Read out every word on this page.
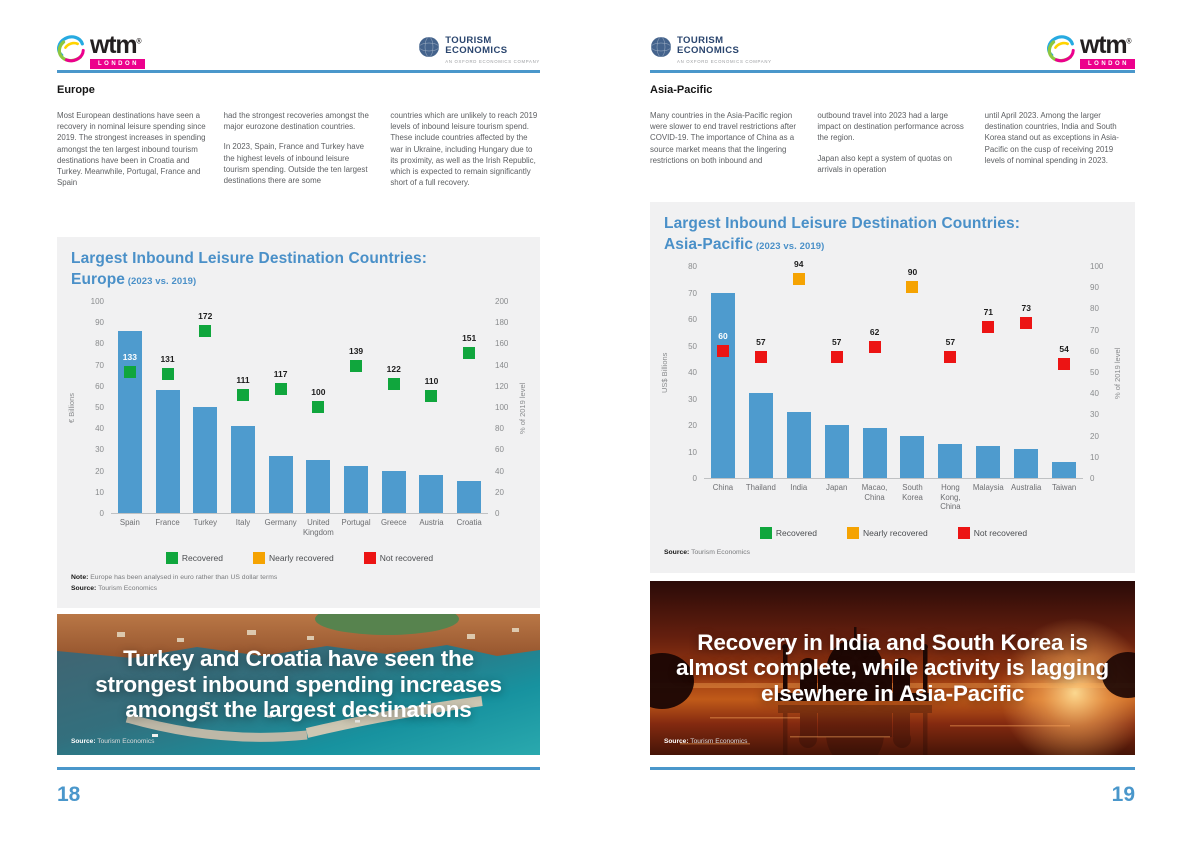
wtm®
LONDON
TOURISM
ECONOMICS
AN OXFORD ECONOMICS COMPANY
Europe

Most European destinations have seen a recovery in nominal leisure spending since 2019. The strongest increases in spending amongst the ten largest inbound tourism destinations have been in Croatia and Turkey. Meanwhile, Portugal, France and Spain

had the strongest recoveries amongst the major eurozone destination countries.

In 2023, Spain, France and Turkey have the highest levels of inbound leisure tourism spending. Outside the ten largest destinations there are some

countries which are unlikely to reach 2019 levels of inbound leisure tourism spend. These include countries affected by the war in Ukraine, including Hungary due to its proximity, as well as the Irish Republic, which is expected to remain significantly short of a full recovery.

Largest Inbound Leisure Destination Countries:
Europe (2023 vs. 2019)
€ Billions
100
90
80
70
60
50
40
30
20
10
0
133	131
172
111
117
100
139
122
110
151
200
180
160
140
120
100
80
60
40
20
0
% of 2019 level
Spain	France	Turkey	Italy	Germany	United Kingdom
Portugal	Greece	Austria	Croatia
Recovered	Nearly recovered	Not recovered
Note: Europe has been analysed in euro rather than US dollar terms
Source: Tourism Economics
Turkey and Croatia have seen the strongest inbound spending increases amongst the largest destinations
Source: Tourism Economics
18
TOURISM
ECONOMICS
AN OXFORD ECONOMICS COMPANY
wtm®
LONDON
Asia-Pacific

Many countries in the Asia-Pacific region were slower to end travel restrictions after COVID-19. The importance of China as a source market means that the lingering restrictions on both inbound and

outbound travel into 2023 had a large impact on destination performance across the region.

Japan also kept a system of quotas on arrivals in operation

until April 2023. Among the larger destination countries, India and South Korea stand out as exceptions in Asia-Pacific on the cusp of receiving 2019 levels of nominal spending in 2023.

Largest Inbound Leisure Destination Countries:
Asia-Pacific (2023 vs. 2019)
US$ Billions
80
70
60
50
40
30
20
10
0
60
57
94
57
62
90
57
71	73
54
100
90
80
70
60
50
40
30
20
10
0
% of 2019 level
China	Thailand	India	Japan	Macao, China
South Korea
Hong Kong, China
Malaysia Australia	Taiwan
Recovered	Nearly recovered	Not recovered
Source: Tourism Economics
Recovery in India and South Korea is almost complete, while activity is lagging elsewhere in Asia-Pacific
Source: Tourism Economics
19
